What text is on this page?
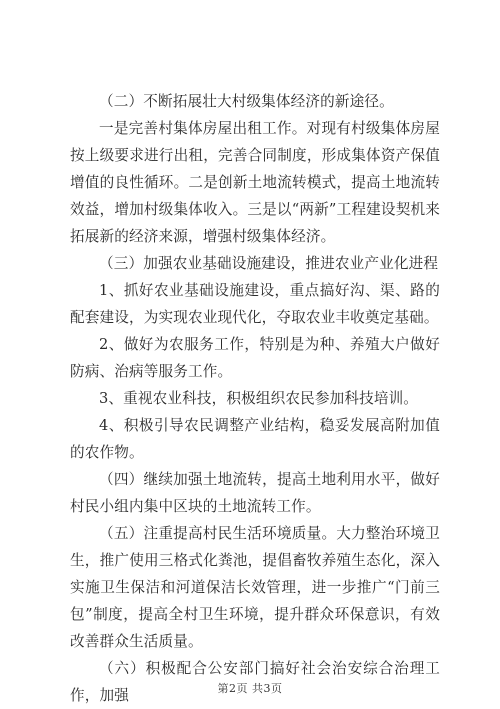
（二）不断拓展壮大村级集体经济的新途径。

一是完善村集体房屋出租工作。对现有村级集体房屋按上级要求进行出租，完善合同制度，形成集体资产保值增值的良性循环。二是创新土地流转模式，提高土地流转效益，增加村级集体收入。三是以“两新”工程建设契机来拓展新的经济来源，增强村级集体经济。

（三）加强农业基础设施建设，推进农业产业化进程

1、抓好农业基础设施建设，重点搞好沟、渠、路的配套建设，为实现农业现代化，夺取农业丰收奠定基础。

2、做好为农服务工作，特别是为种、养殖大户做好防病、治病等服务工作。

3、重视农业科技，积极组织农民参加科技培训。

4、积极引导农民调整产业结构，稳妥发展高附加值的农作物。

（四）继续加强土地流转，提高土地利用水平，做好村民小组内集中区块的土地流转工作。

（五）注重提高村民生活环境质量。大力整治环境卫生，推广使用三格式化粪池，提倡畜牧养殖生态化，深入实施卫生保洁和河道保洁长效管理，进一步推广“门前三包”制度，提高全村卫生环境，提升群众环保意识，有效改善群众生活质量。

（六）积极配合公安部门搞好社会治安综合治理工作，加强	第2页 共3页
